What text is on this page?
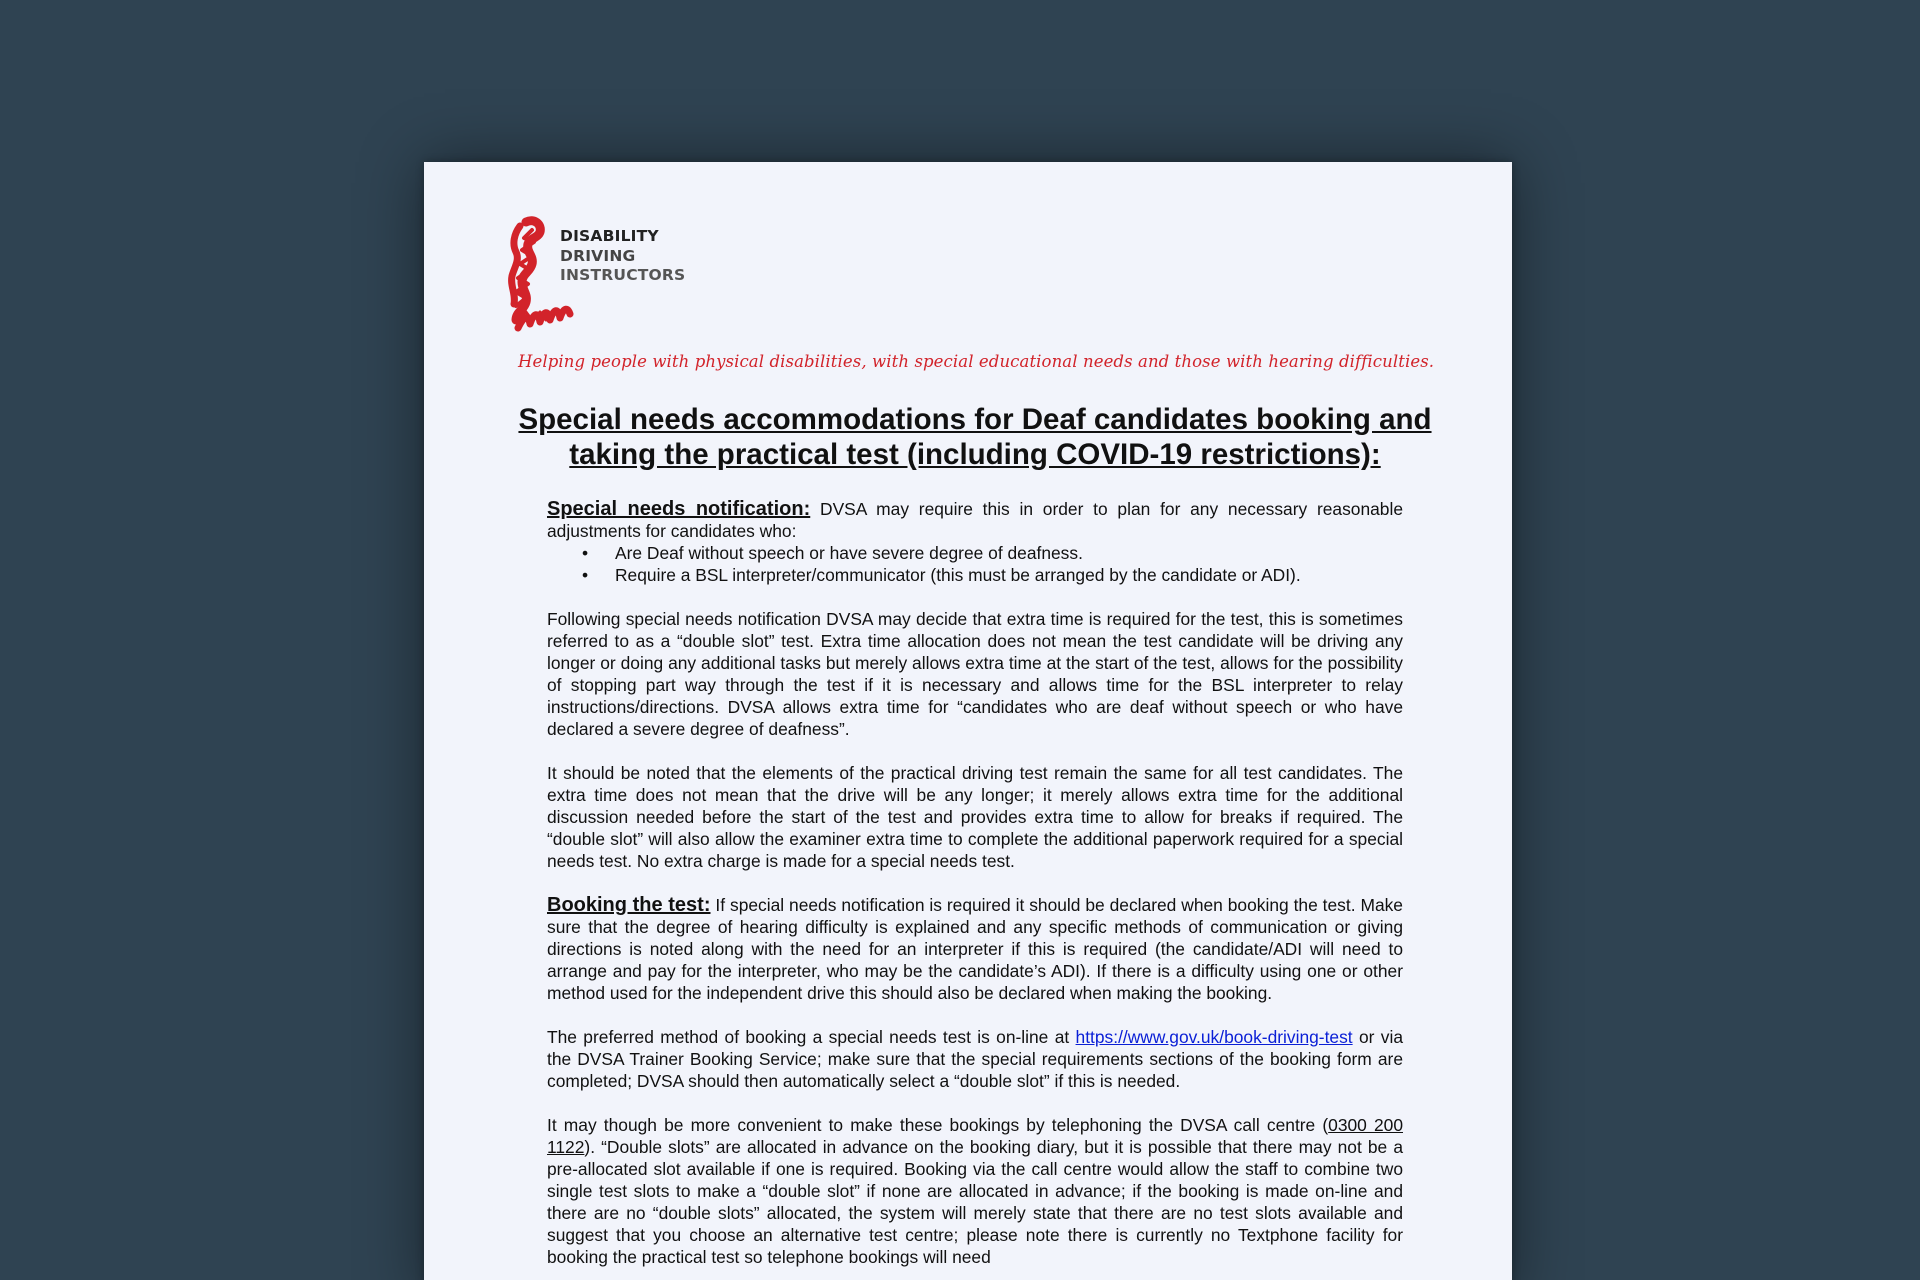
DISABILITY
DRIVING
INSTRUCTORS
Helping people with physical disabilities, with special educational needs and those with hearing difficulties.
Special needs accommodations for Deaf candidates booking and taking the practical test (including COVID-19 restrictions):

Special needs notification: DVSA may require this in order to plan for any necessary reasonable adjustments for candidates who:

• Are Deaf without speech or have severe degree of deafness.
• Require a BSL interpreter/communicator (this must be arranged by the candidate or ADI).

Following special needs notification DVSA may decide that extra time is required for the test, this is sometimes referred to as a “double slot” test. Extra time allocation does not mean the test candidate will be driving any longer or doing any additional tasks but merely allows extra time at the start of the test, allows for the possibility of stopping part way through the test if it is necessary and allows time for the BSL interpreter to relay instructions/directions. DVSA allows extra time for “candidates who are deaf without speech or who have declared a severe degree of deafness”.

It should be noted that the elements of the practical driving test remain the same for all test candidates. The extra time does not mean that the drive will be any longer; it merely allows extra time for the additional discussion needed before the start of the test and provides extra time to allow for breaks if required. The “double slot” will also allow the examiner extra time to complete the additional paperwork required for a special needs test. No extra charge is made for a special needs test.

Booking the test: If special needs notification is required it should be declared when booking the test. Make sure that the degree of hearing difficulty is explained and any specific methods of communication or giving directions is noted along with the need for an interpreter if this is required (the candidate/ADI will need to arrange and pay for the interpreter, who may be the candidate’s ADI). If there is a difficulty using one or other method used for the independent drive this should also be declared when making the booking.

The preferred method of booking a special needs test is on-line at https://www.gov.uk/book-driving-test or via the DVSA Trainer Booking Service; make sure that the special requirements sections of the booking form are completed; DVSA should then automatically select a “double slot” if this is needed.

It may though be more convenient to make these bookings by telephoning the DVSA call centre (0300 200 1122). “Double slots” are allocated in advance on the booking diary, but it is possible that there may not be a pre-allocated slot available if one is required. Booking via the call centre would allow the staff to combine two single test slots to make a “double slot” if none are allocated in advance; if the booking is made on-line and there are no “double slots” allocated, the system will merely state that there are no test slots available and suggest that you choose an alternative test centre; please note there is currently no Textphone facility for booking the practical test so telephone bookings will need
